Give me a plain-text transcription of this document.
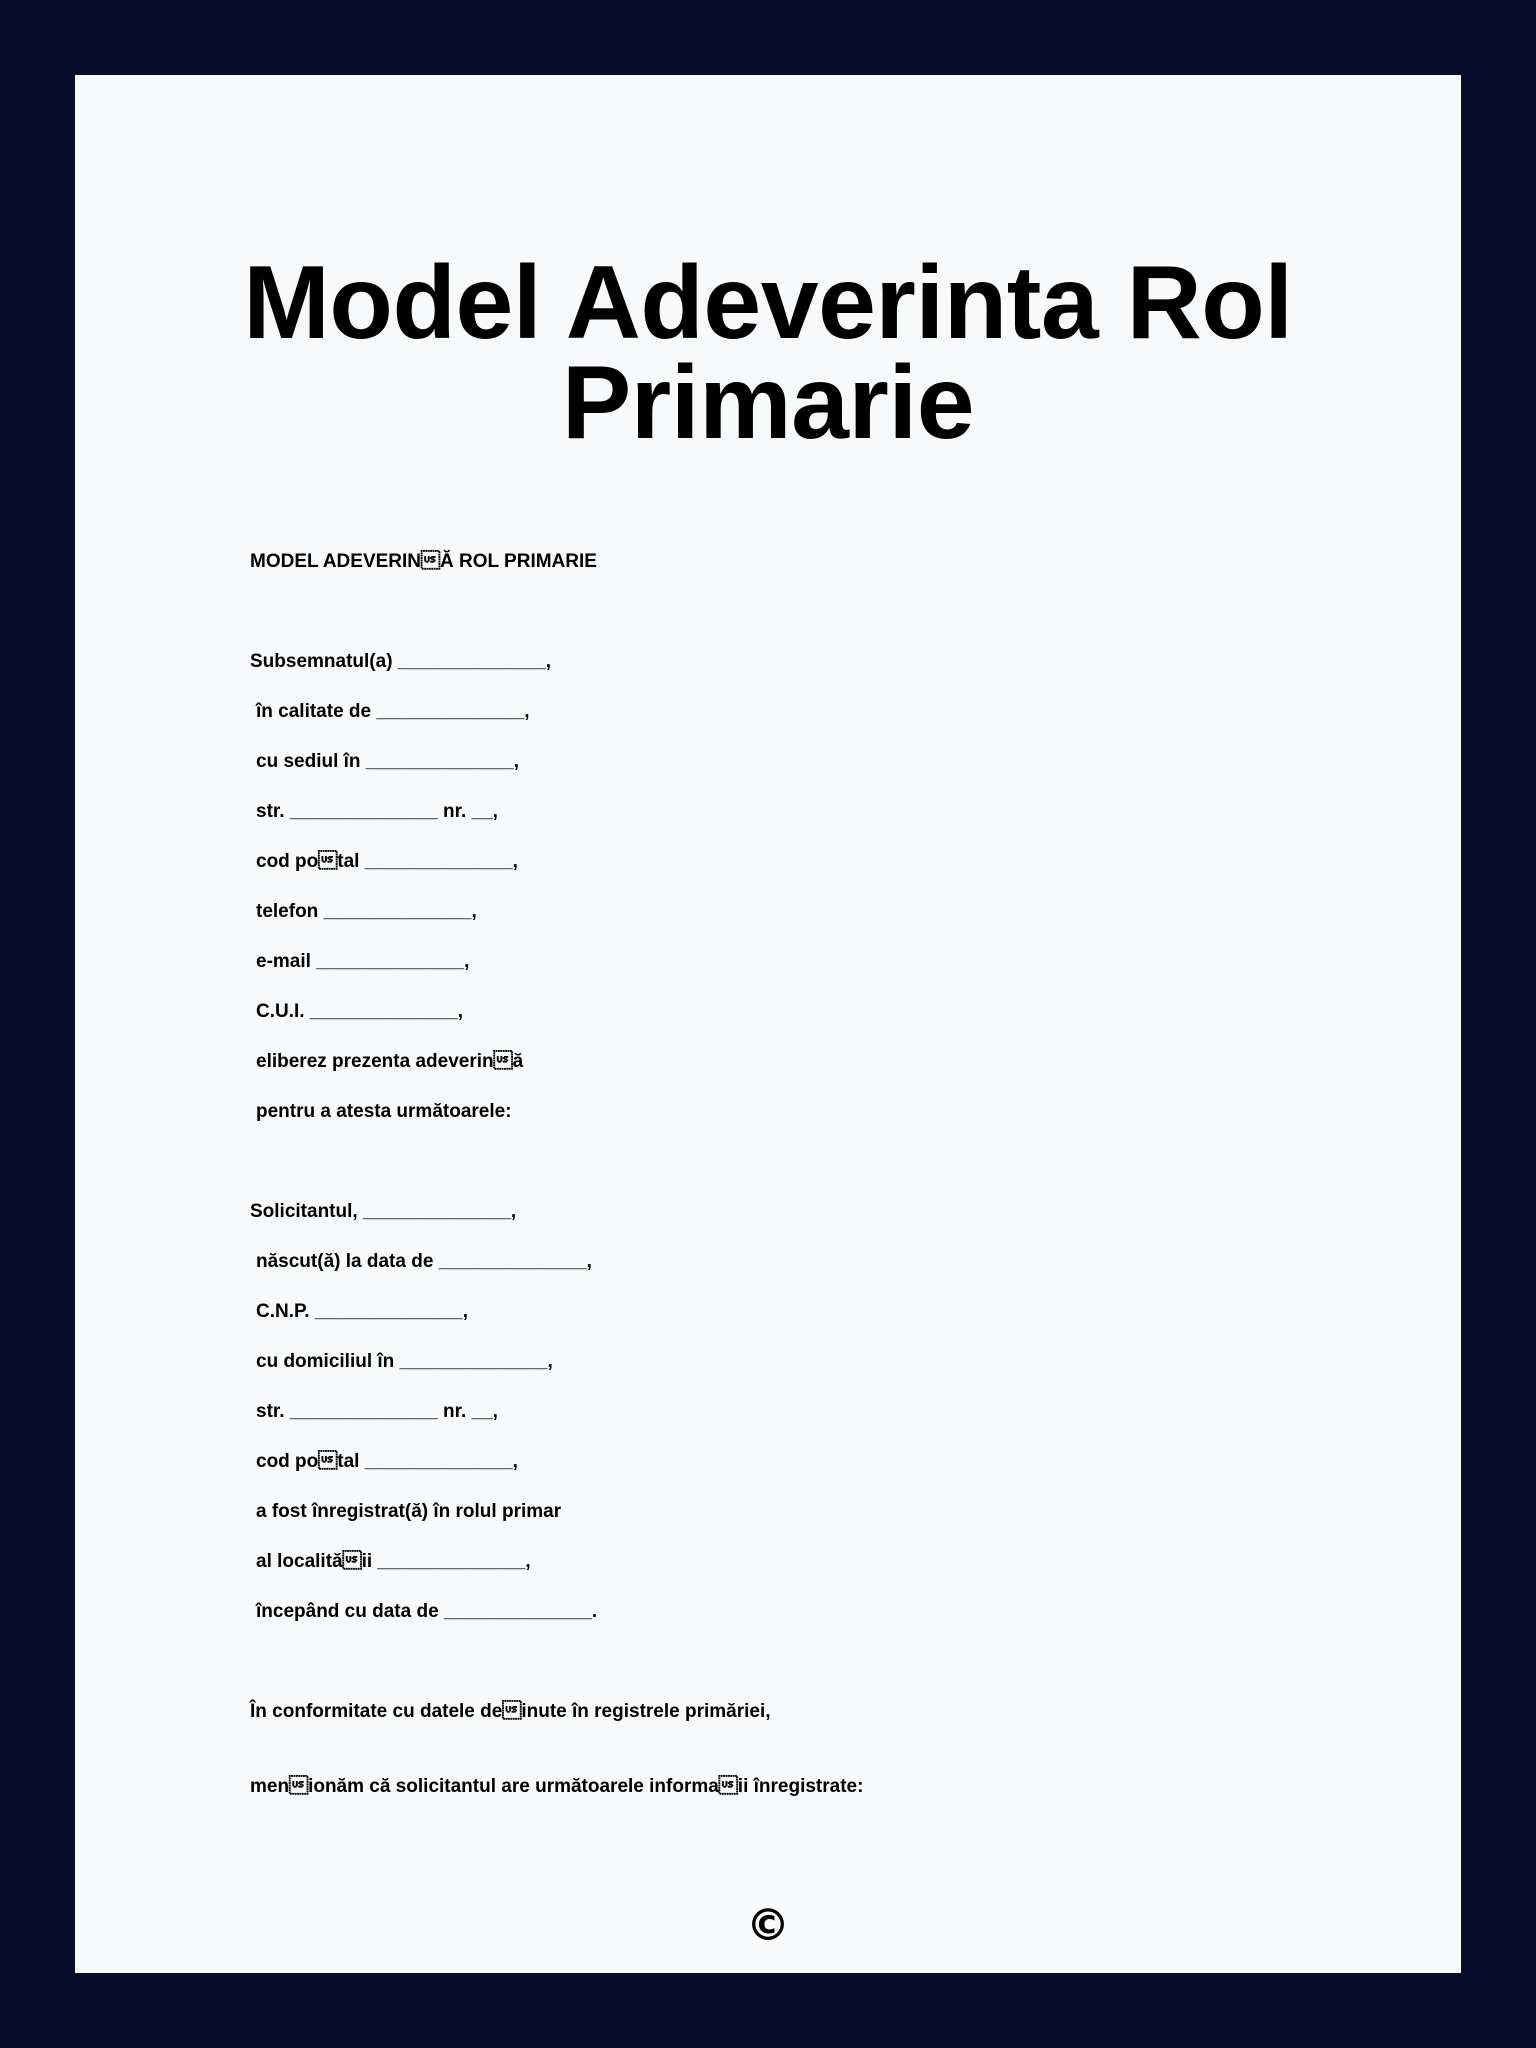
Model Adeverinta Rol Primarie
MODEL ADEVERINĂ ROL PRIMARIE
Subsemnatul(a) ______________,
în calitate de ______________,
cu sediul în ______________,
str. ______________ nr. __,
cod potal ______________,
telefon ______________,
e-mail ______________,
C.U.I. ______________,
eliberez prezenta adeverină
pentru a atesta următoarele:
Solicitantul, ______________,
născut(ă) la data de ______________,
C.N.P. ______________,
cu domiciliul în ______________,
str. ______________ nr. __,
cod potal ______________,
a fost înregistrat(ă) în rolul primar
al localităii ______________,
începând cu data de ______________.
În conformitate cu datele deinute în registrele primăriei,
menionăm că solicitantul are următoarele informaii înregistrate:
©
